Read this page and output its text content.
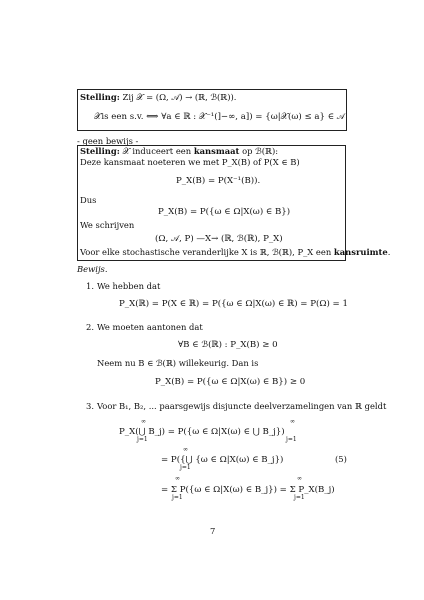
Stelling: Zij 𝒳 = (Ω, 𝒜) → (ℝ, ℬ(ℝ)).
𝒳is een s.v. ⟺ ∀a ∈ ℝ : 𝒳⁻¹(]−∞, a]) = {ω|𝒳(ω) ≤ a} ∈ 𝒜
- geen bewijs -
Stelling: 𝒳 induceert een kansmaat op ℬ(ℝ):
Deze kansmaat noeteren we met P_X(B) of P(X ∈ B)
P_X(B) = P(X⁻¹(B)).
Dus
P_X(B) = P({ω ∈ Ω|X(ω) ∈ B})
We schrijven
(Ω, 𝒜, P) —X→ (ℝ, ℬ(ℝ), P_X)
Voor elke stochastische veranderlijke X is ℝ, ℬ(ℝ), P_X een kansruimte.
Bewijs.
1. We hebben dat
P_X(ℝ) = P(X ∈ ℝ) = P({ω ∈ Ω|X(ω) ∈ ℝ) = P(Ω) = 1
2. We moeten aantonen dat
∀B ∈ ℬ(ℝ) : P_X(B) ≥ 0
Neem nu B ∈ ℬ(ℝ) willekeurig. Dan is
P_X(B) = P({ω ∈ Ω|X(ω) ∈ B}) ≥ 0
3. Voor B₁, B₂, ... paarsgewijs disjuncte deelverzamelingen van ℝ geldt
∞
j=1
∞
j=1
P_X(⋃ B_j) = P({ω ∈ Ω|X(ω) ∈ ⋃ B_j})
∞
j=1
= P({⋃ {ω ∈ Ω|X(ω) ∈ B_j})	(5)
∞
j=1
∞
j=1
= Σ P({ω ∈ Ω|X(ω) ∈ B_j}) = Σ P_X(B_j)
7
